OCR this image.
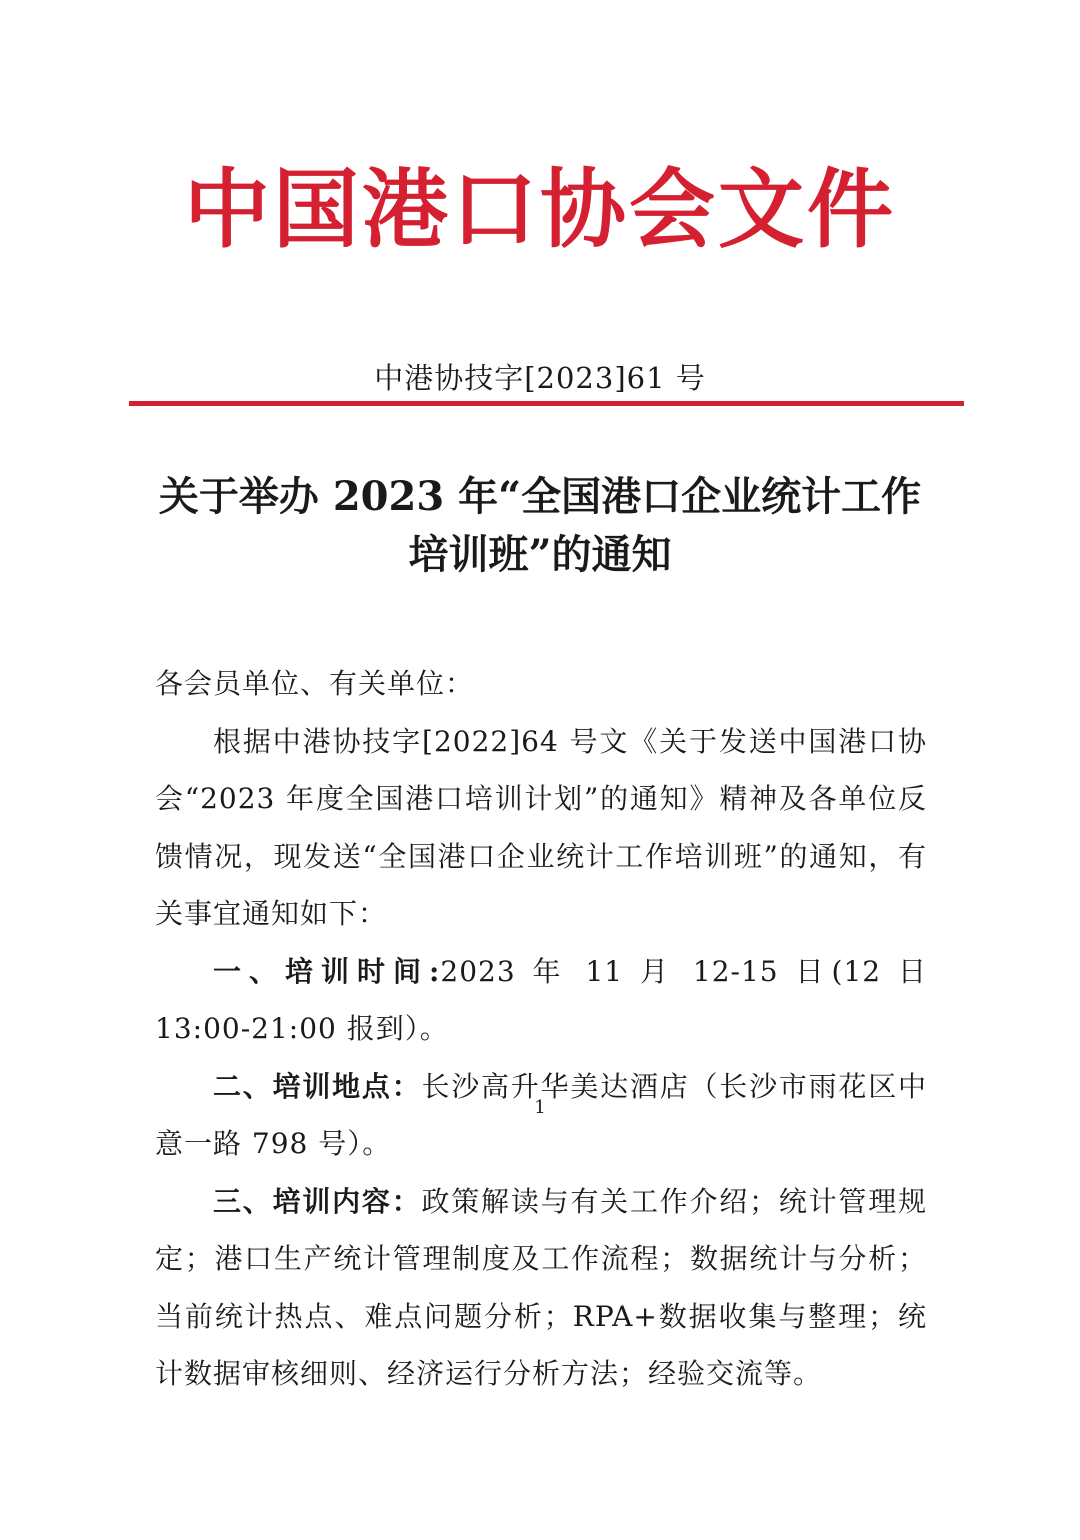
中国港口协会文件
中港协技字[2023]61 号
关于举办 2023 年“全国港口企业统计工作
培训班”的通知

各会员单位、有关单位：

根据中港协技字[2022]64 号文《关于发送中国港口协会“2023 年度全国港口培训计划”的通知》精神及各单位反馈情况，现发送“全国港口企业统计工作培训班”的通知，有关事宜通知如下：

一、培训时间:2023 年 11 月 12-15 日(12 日 13:00-21:00 报到）。

二、培训地点：长沙高升华美达酒店（长沙市雨花区中意一路 798 号）。

三、培训内容：政策解读与有关工作介绍；统计管理规定；港口生产统计管理制度及工作流程；数据统计与分析；当前统计热点、难点问题分析；RPA+数据收集与整理；统计数据审核细则、经济运行分析方法；经验交流等。

1
